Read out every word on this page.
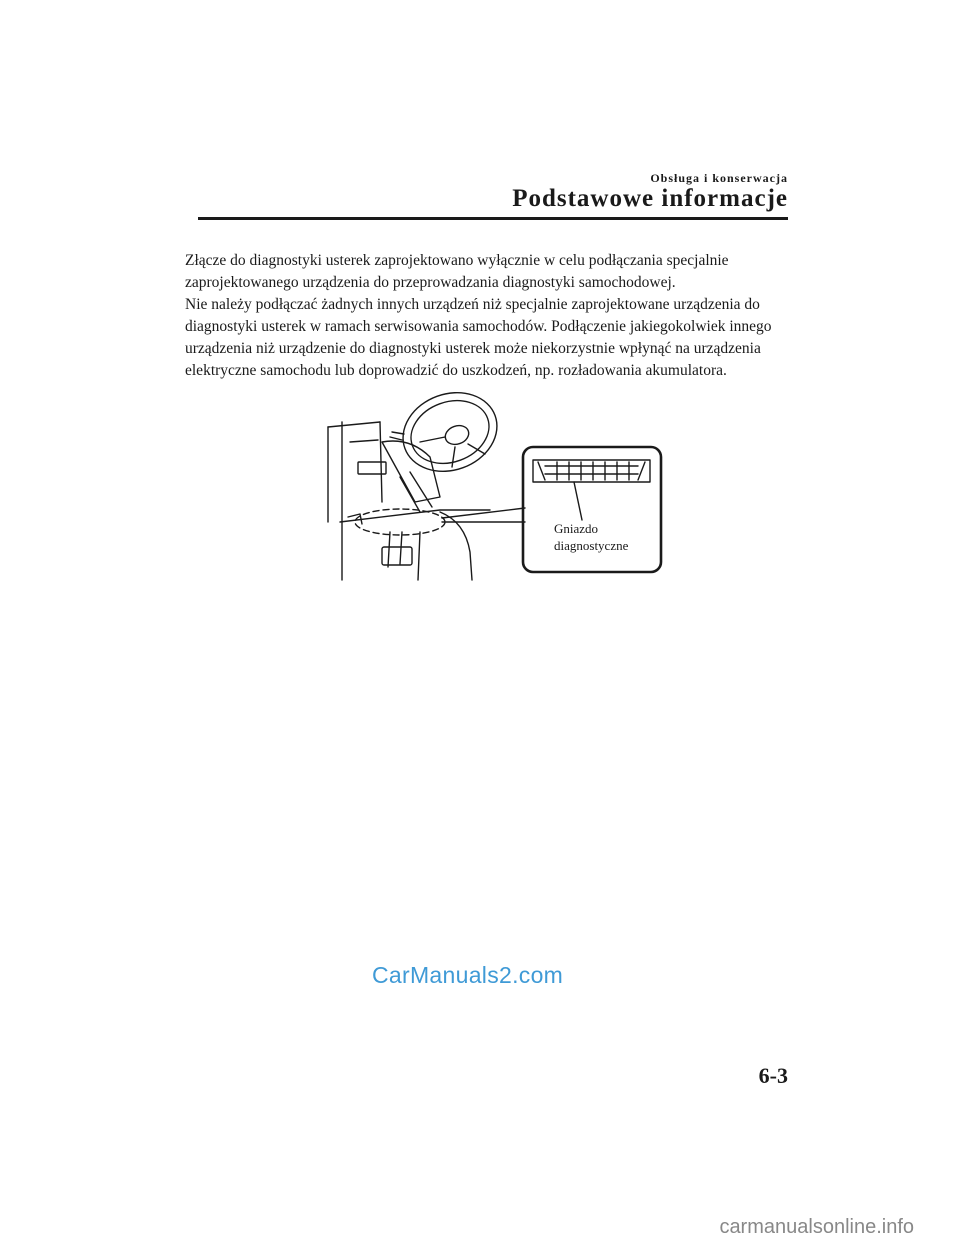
Obsługa i konserwacja
Podstawowe informacje

Złącze do diagnostyki usterek zaprojektowano wyłącznie w celu podłączania specjalnie zaprojektowanego urządzenia do przeprowadzania diagnostyki samochodowej.

Nie należy podłączać żadnych innych urządzeń niż specjalnie zaprojektowane urządzenia do diagnostyki usterek w ramach serwisowania samochodów. Podłączenie jakiegokolwiek innego urządzenia niż urządzenie do diagnostyki usterek może niekorzystnie wpłynąć na urządzenia elektryczne samochodu lub doprowadzić do uszkodzeń, np. rozładowania akumulatora.

Gniazdo
diagnostyczne
CarManuals2.com
6-3
carmanualsonline.info
